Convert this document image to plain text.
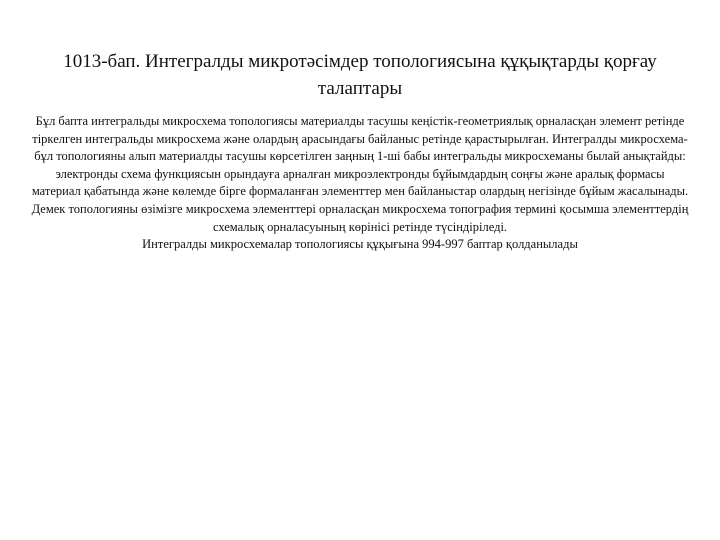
1013-бап. Интегралды микротәсімдер топологиясына құқықтарды қорғау талаптары

Бұл бапта интегральды микросхема топологиясы материалды тасушы кеңістік-геометриялық орналасқан элемент ретінде тіркелген интегральды микросхема және олардың арасындағы байланыс ретінде қарастырылған. Интегралды микросхема-бұл топологияны алып материалды тасушы көрсетілген заңның 1-ші бабы интегральды микросхеманы былай анықтайды: электронды схема функциясын орындауға арналған микроэлектронды бұйымдардың соңғы және аралық формасы материал қабатында және көлемде бірге формаланған элементтер мен байланыстар олардың негізінде бұйым жасалынады. Демек топологияны өзімізге микросхема элементтері орналасқан микросхема топография термині қосымша элементтердің схемалық орналасуының көрінісі ретінде түсіндіріледі.

Интегралды микросхемалар топологиясы құқығына 994-997 баптар қолданылады
